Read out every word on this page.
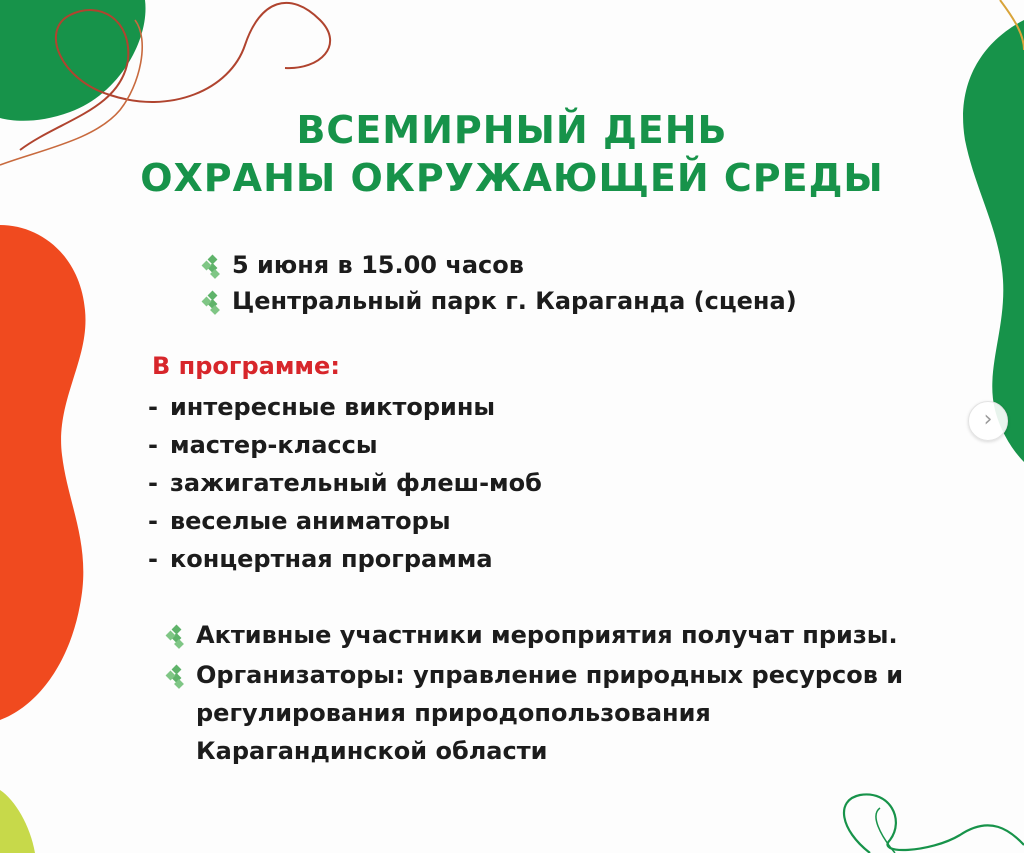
ВСЕМИРНЫЙ ДЕНЬ
ОХРАНЫ ОКРУЖАЮЩЕЙ СРЕДЫ
5 июня в 15.00 часов
Центральный парк г. Караганда (сцена)
В программе:
- интересные викторины
- мастер-классы
- зажигательный флеш-моб
- веселые аниматоры
- концертная программа
Активные участники мероприятия получат призы.
Организаторы: управление природных ресурсов и
регулирования природопользования
Карагандинской области
›
